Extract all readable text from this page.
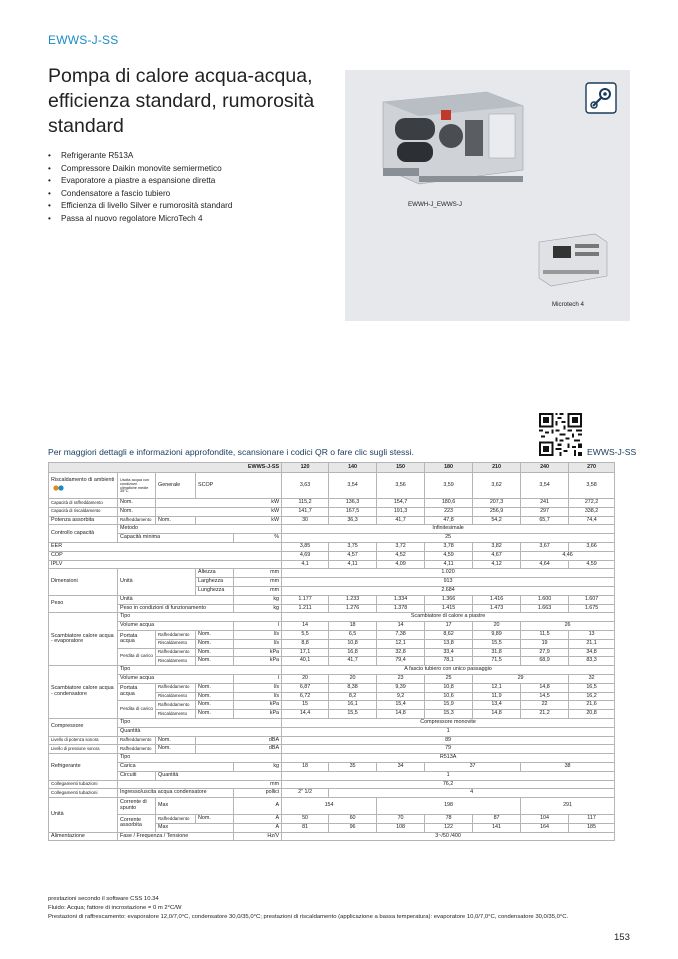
EWWS-J-SS
Pompa di calore acqua-acqua, efficienza standard, rumorosità standard
• Refrigerante R513A
• Compressore Daikin monovite semiermetico
• Evaporatore a piastre a espansione diretta
• Condensatore a fascio tubiero
• Efficienza di livello Silver e rumorosità standard
• Passa al nuovo regolatore MicroTech 4
EWWH-J_EWWS-J
Microtech 4
Per maggiori dettagli e informazioni approfondite, scansionare i codici QR o fare clic sugli stessi.	EWWS-J-SS
EWWS-J-SS					120	140	150	180	210	240	270
Riscaldamento di ambienti	Uscita acqua con condizioni climatiche medie 35°C	Generale	SCOP		3,63	3,54	3,56	3,59	3,62	3,54	3,58
Capacità di raffreddamento	Nom.	kW			115,2	136,3	154,7	180,6	207,3	241	272,2
Capacità di riscaldamento	Nom.	kW			141,7	167,5	191,3	223	256,9	297	338,2
Potenza assorbita	Raffreddamento	Nom.	kW		30	36,3	41,7	47,8	54,2	65,7	74,4
Controllo capacità	Metodo				Infinitesimale						
	Capacità minima			%	25						
EER					3,85	3,75	3,72	3,78	3,82	3,67	3,66
COP					4,69	4,57	4,52	4,59	4,67	4,46	
IPLV					4,1	4,11	4,09	4,11	4,12	4,64	4,59
Dimensioni	Unità		Altezza	mm	1.020						
			Larghezza	mm	913						
			Lunghezza	mm	2.684						
Peso	Unità			kg	1.177	1.233	1.334	1.366	1.416	1.600	1.607
	Peso in condizioni di funzionamento			kg	1.211	1.276	1.378	1.415	1.473	1.663	1.675
Scambiatore calore acqua - evaporatore	Tipo				Scambiatore di calore a piastre						
	Volume acqua			l	14	18	14	17	20	26	
	Portata acqua	Raffreddamento	Nom.	l/s	5,5	6,5	7,38	8,62	9,89	11,5	13
		Riscaldamento	Nom.	l/s	8,8	10,8	12,1	13,8	15,5	19	21,1
	Perdita di carico	Raffreddamento	Nom.	kPa	17,1	16,8	32,8	33,4	31,8	27,9	34,8
		Riscaldamento	Nom.	kPa	40,1	41,7	79,4	78,1	71,5	68,9	83,3
Scambiatore calore acqua - condensatore	Tipo				A fascio tubiero con unico passaggio						
	Volume acqua			l	20	20	23	25	29		32
	Portata acqua	Raffreddamento	Nom.	l/s	6,87	8,38	9,39	10,8	12,1	14,8	16,5
		Riscaldamento	Nom.	l/s	6,72	8,2	9,2	10,6	11,9	14,5	16,2
	Perdita di carico	Raffreddamento	Nom.	kPa	15	16,1	15,4	15,9	13,4	22	21,6
		Riscaldamento	Nom.	kPa	14,4	15,5	14,8	15,3	14,8	21,2	20,8
Compressore	Tipo				Compressore monovite						
	Quantità				1						
Livello di potenza sonora	Raffreddamento	Nom.	dBA		89						
Livello di pressione sonora	Raffreddamento	Nom.	dBA		79						
Refrigerante	Tipo				R513A						
	Carica			kg	18	35	34	37		38	
	Circuiti	Quantità			1						
Collegamenti tubazioni	mm				76,2						
Collegamenti tubazioni	Ingresso/uscita acqua condensatore			pollici	2" 1/2	4					
Unità	Corrente di spunto	Max		A	154		198			291	
	Corrente assorbita	Raffreddamento	Nom.	A	50	60	70	78	87	104	117
		Max		A	81	96	108	122	141	164	185
Alimentazione	Fase / Frequenza / Tensione			Hz/V	3~/50 /400						
prestazioni secondo il software CSS 10.34
Fluido: Acqua; fattore di incrostazione = 0 m 2°C/W
Prestazioni di raffrescamento: evaporatore 12,0/7,0°C, condensatore 30,0/35,0°C; prestazioni di riscaldamento (applicazione a bassa temperatura): evaporatore 10,0/7,0°C, condensatore 30,0/35,0°C.
153
